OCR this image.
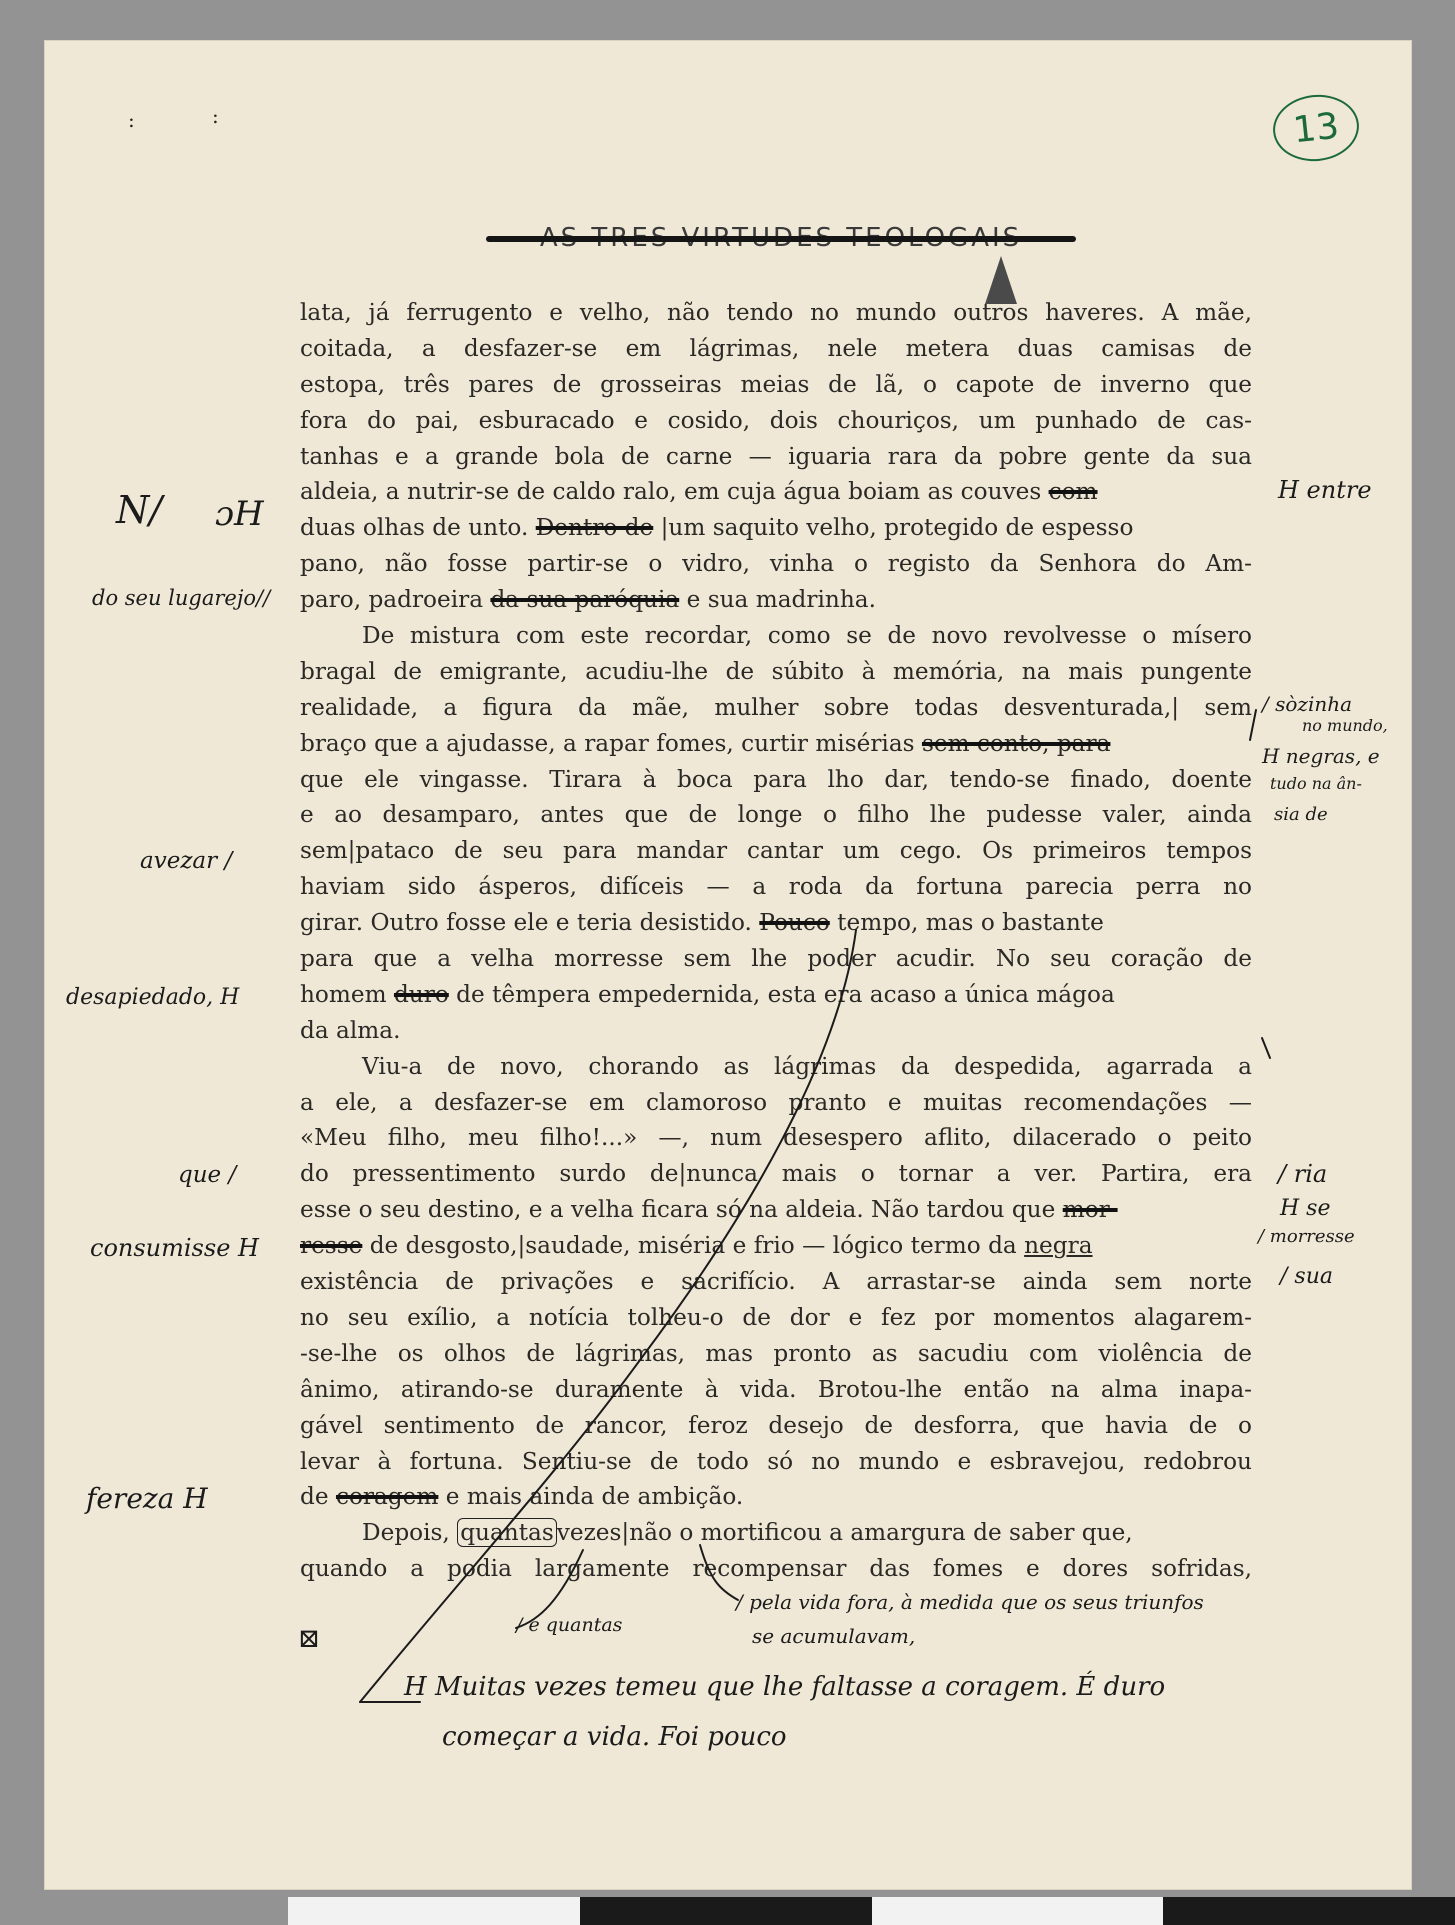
13
:	:
lata, já ferrugento e velho, não tendo no mundo outros haveres. A mãe,
coitada, a desfazer-se em lágrimas, nele metera duas camisas de
estopa, três pares de grosseiras meias de lã, o capote de inverno que
fora do pai, esburacado e cosido, dois chouriços, um punhado de cas-
tanhas e a grande bola de carne — iguaria rara da pobre gente da sua
aldeia, a nutrir-se de caldo ralo, em cuja água boiam as couves com
duas olhas de unto. Dentro de |um saquito velho, protegido de espesso
pano, não fosse partir-se o vidro, vinha o registo da Senhora do Am-
paro, padroeira da sua paróquia e sua madrinha.
De mistura com este recordar, como se de novo revolvesse o mísero
bragal de emigrante, acudiu-lhe de súbito à memória, na mais pungente
realidade, a figura da mãe, mulher sobre todas desventurada,| sem
braço que a ajudasse, a rapar fomes, curtir misérias sem conto, para
que ele vingasse. Tirara à boca para lho dar, tendo-se finado, doente
e ao desamparo, antes que de longe o filho lhe pudesse valer, ainda
sem|pataco de seu para mandar cantar um cego. Os primeiros tempos
haviam sido ásperos, difíceis — a roda da fortuna parecia perra no
girar. Outro fosse ele e teria desistido. Pouco tempo, mas o bastante
para que a velha morresse sem lhe poder acudir. No seu coração de
homem duro de têmpera empedernida, esta era acaso a única mágoa
da alma.
Viu-a de novo, chorando as lágrimas da despedida, agarrada a
a ele, a desfazer-se em clamoroso pranto e muitas recomendações —
«Meu filho, meu filho!...» —, num desespero aflito, dilacerado o peito
do pressentimento surdo de|nunca mais o tornar a ver. Partira, era
esse o seu destino, e a velha ficara só na aldeia. Não tardou que mor-
resse de desgosto,|saudade, miséria e frio — lógico termo da negra
existência de privações e sacrifício. A arrastar-se ainda sem norte
no seu exílio, a notícia tolheu-o de dor e fez por momentos alagarem-
-se-lhe os olhos de lágrimas, mas pronto as sacudiu com violência de
ânimo, atirando-se duramente à vida. Brotou-lhe então na alma inapa-
gável sentimento de rancor, feroz desejo de desforra, que havia de o
levar à fortuna. Sentiu-se de todo só no mundo e esbravejou, redobrou
de coragem e mais ainda de ambição.
Depois, quantas vezes|não o mortificou a amargura de saber que,
quando a podia largamente recompensar das fomes e dores sofridas,
N/ ɔH
do seu lugarejo//
avezar /
desapiedado, H
que /
consumisse H
fereza H
H entre
/ sòzinha
no mundo,
H negras, e
tudo na ân-
sia de
/ ria
H se
/ morresse
/ sua
/ pela vida fora, à medida que os seus triunfos
se acumulavam,
/ e quantas
H Muitas vezes temeu que lhe faltasse a coragem. É duro
começar a vida. Foi pouco
⊠
